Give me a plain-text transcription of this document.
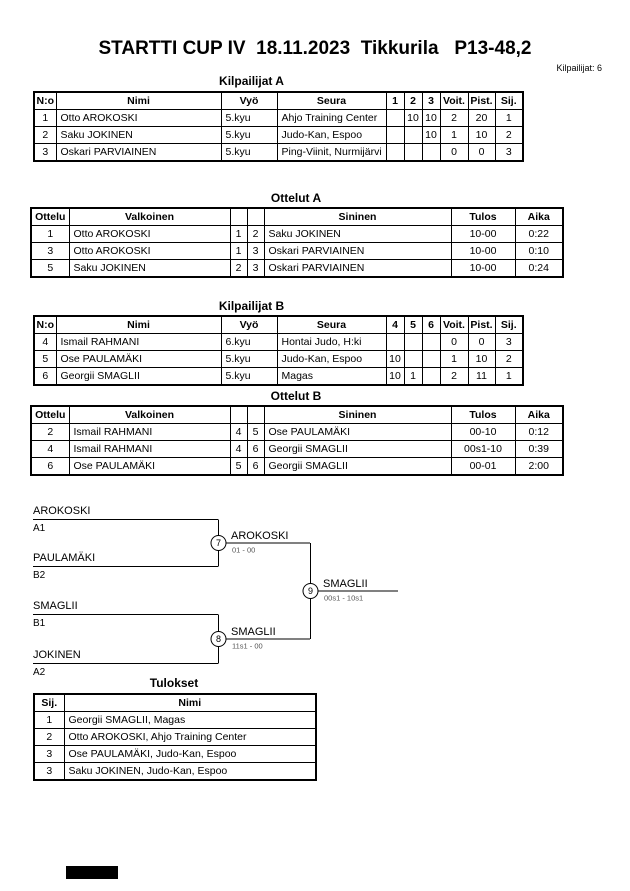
STARTTI CUP IV  18.11.2023  Tikkurila   P13-48,2
Kilpailijat: 6
Kilpailijat A
N:o	Nimi	Vyö	Seura	1	2	3	Voit.	Pist.	Sij.
1	Otto AROKOSKI	5.kyu	Ahjo Training Center		10	10	2	20	1
2	Saku JOKINEN	5.kyu	Judo-Kan, Espoo			10	1	10	2
3	Oskari PARVIAINEN	5.kyu	Ping-Viinit, Nurmijärvi				0	0	3
Ottelut A
Ottelu	Valkoinen			Sininen	Tulos	Aika
1	Otto AROKOSKI	1	2	Saku JOKINEN	10-00	0:22
3	Otto AROKOSKI	1	3	Oskari PARVIAINEN	10-00	0:10
5	Saku JOKINEN	2	3	Oskari PARVIAINEN	10-00	0:24
Kilpailijat B
N:o	Nimi	Vyö	Seura	4	5	6	Voit.	Pist.	Sij.
4	Ismail RAHMANI	6.kyu	Hontai Judo, H:ki				0	0	3
5	Ose PAULAMÄKI	5.kyu	Judo-Kan, Espoo	10			1	10	2
6	Georgii SMAGLII	5.kyu	Magas	10	1		2	11	1
Ottelut B
Ottelu	Valkoinen			Sininen	Tulos	Aika
2	Ismail RAHMANI	4	5	Ose PAULAMÄKI	00-10	0:12
4	Ismail RAHMANI	4	6	Georgii SMAGLII	00s1-10	0:39
6	Ose PAULAMÄKI	5	6	Georgii SMAGLII	00-01	2:00
AROKOSKI
A1
PAULAMÄKI
B2
SMAGLII
B1
JOKINEN
A2
7
AROKOSKI
01 - 00
8
SMAGLII
11s1 - 00
9
SMAGLII
00s1 - 10s1
Tulokset
Sij.	Nimi
1	Georgii SMAGLII, Magas
2	Otto AROKOSKI, Ahjo Training Center
3	Ose PAULAMÄKI, Judo-Kan, Espoo
3	Saku JOKINEN, Judo-Kan, Espoo
